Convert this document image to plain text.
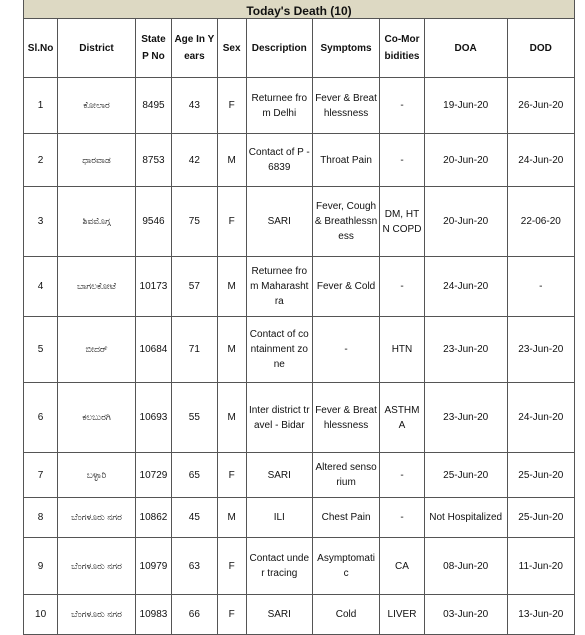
Today's Death (10)									
Sl.No	District	State P No	Age In Years	Sex	Description	Symptoms	Co-Morbidities	DOA	DOD
1	ಕೋಲಾರ	8495	43	F	Returnee from Delhi	Fever & Breathlessness	-	19-Jun-20	26-Jun-20
2	ಧಾರವಾಡ	8753	42	M	Contact of P - 6839	Throat Pain	-	20-Jun-20	24-Jun-20
3	ಶಿವಮೊಗ್ಗ	9546	75	F	SARI	Fever, Cough & Breathlessness	DM, HTN COPD	20-Jun-20	22-06-20
4	ಬಾಗಲಕೋಟೆ	10173	57	M	Returnee from Maharashtra	Fever & Cold	-	24-Jun-20	-
5	ಬೀದರ್	10684	71	M	Contact of containment zone	-	HTN	23-Jun-20	23-Jun-20
6	ಕಲಬುರಗಿ	10693	55	M	Inter district travel - Bidar	Fever & Breathlessness	ASTHMA	23-Jun-20	24-Jun-20
7	ಬಳ್ಳಾರಿ	10729	65	F	SARI	Altered sensorium	-	25-Jun-20	25-Jun-20
8	ಬೆಂಗಳೂರು ನಗರ	10862	45	M	ILI	Chest Pain	-	Not Hospitalized	25-Jun-20
9	ಬೆಂಗಳೂರು ನಗರ	10979	63	F	Contact under tracing	Asymptomatic	CA	08-Jun-20	11-Jun-20
10	ಬೆಂಗಳೂರು ನಗರ	10983	66	F	SARI	Cold	LIVER	03-Jun-20	13-Jun-20
